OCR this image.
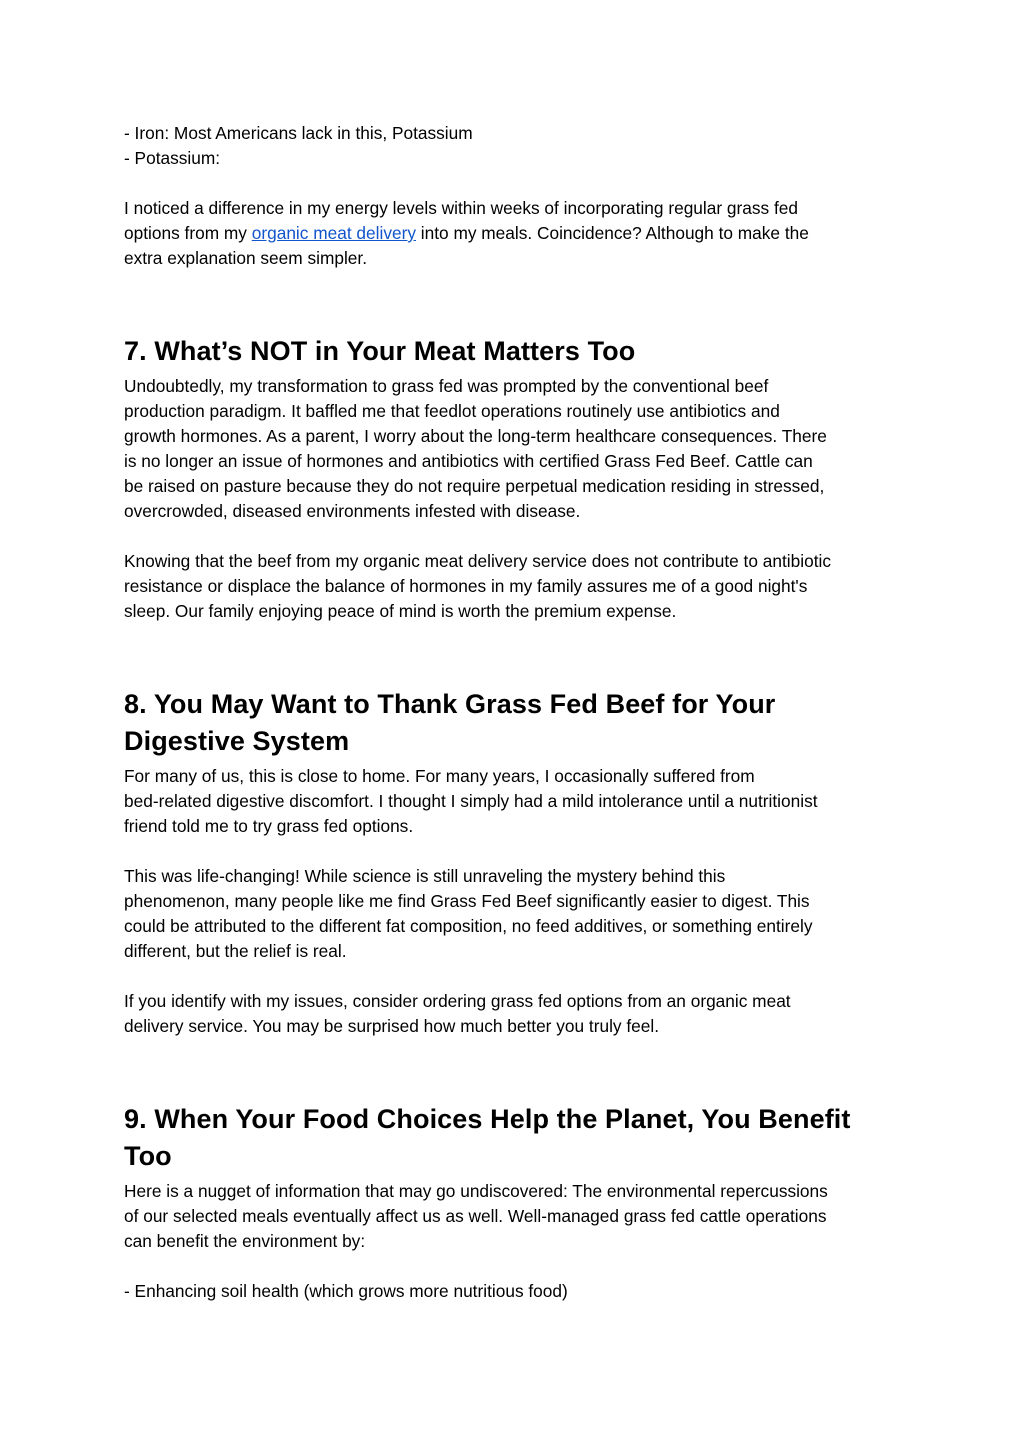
- Iron: Most Americans lack in this, Potassium
- Potassium:

I noticed a difference in my energy levels within weeks of incorporating regular grass fed
options from my organic meat delivery into my meals. Coincidence? Although to make the
extra explanation seem simpler.

7. What’s NOT in Your Meat Matters Too

Undoubtedly, my transformation to grass fed was prompted by the conventional beef
production paradigm. It baffled me that feedlot operations routinely use antibiotics and
growth hormones. As a parent, I worry about the long-term healthcare consequences. There
is no longer an issue of hormones and antibiotics with certified Grass Fed Beef. Cattle can
be raised on pasture because they do not require perpetual medication residing in stressed,
overcrowded, diseased environments infested with disease.

Knowing that the beef from my organic meat delivery service does not contribute to antibiotic
resistance or displace the balance of hormones in my family assures me of a good night's
sleep. Our family enjoying peace of mind is worth the premium expense.

8. You May Want to Thank Grass Fed Beef for Your
Digestive System

For many of us, this is close to home. For many years, I occasionally suffered from
bed-related digestive discomfort. I thought I simply had a mild intolerance until a nutritionist
friend told me to try grass fed options.

This was life-changing! While science is still unraveling the mystery behind this
phenomenon, many people like me find Grass Fed Beef significantly easier to digest. This
could be attributed to the different fat composition, no feed additives, or something entirely
different, but the relief is real.

If you identify with my issues, consider ordering grass fed options from an organic meat
delivery service. You may be surprised how much better you truly feel.

9. When Your Food Choices Help the Planet, You Benefit
Too

Here is a nugget of information that may go undiscovered: The environmental repercussions
of our selected meals eventually affect us as well. Well-managed grass fed cattle operations
can benefit the environment by:

- Enhancing soil health (which grows more nutritious food)
